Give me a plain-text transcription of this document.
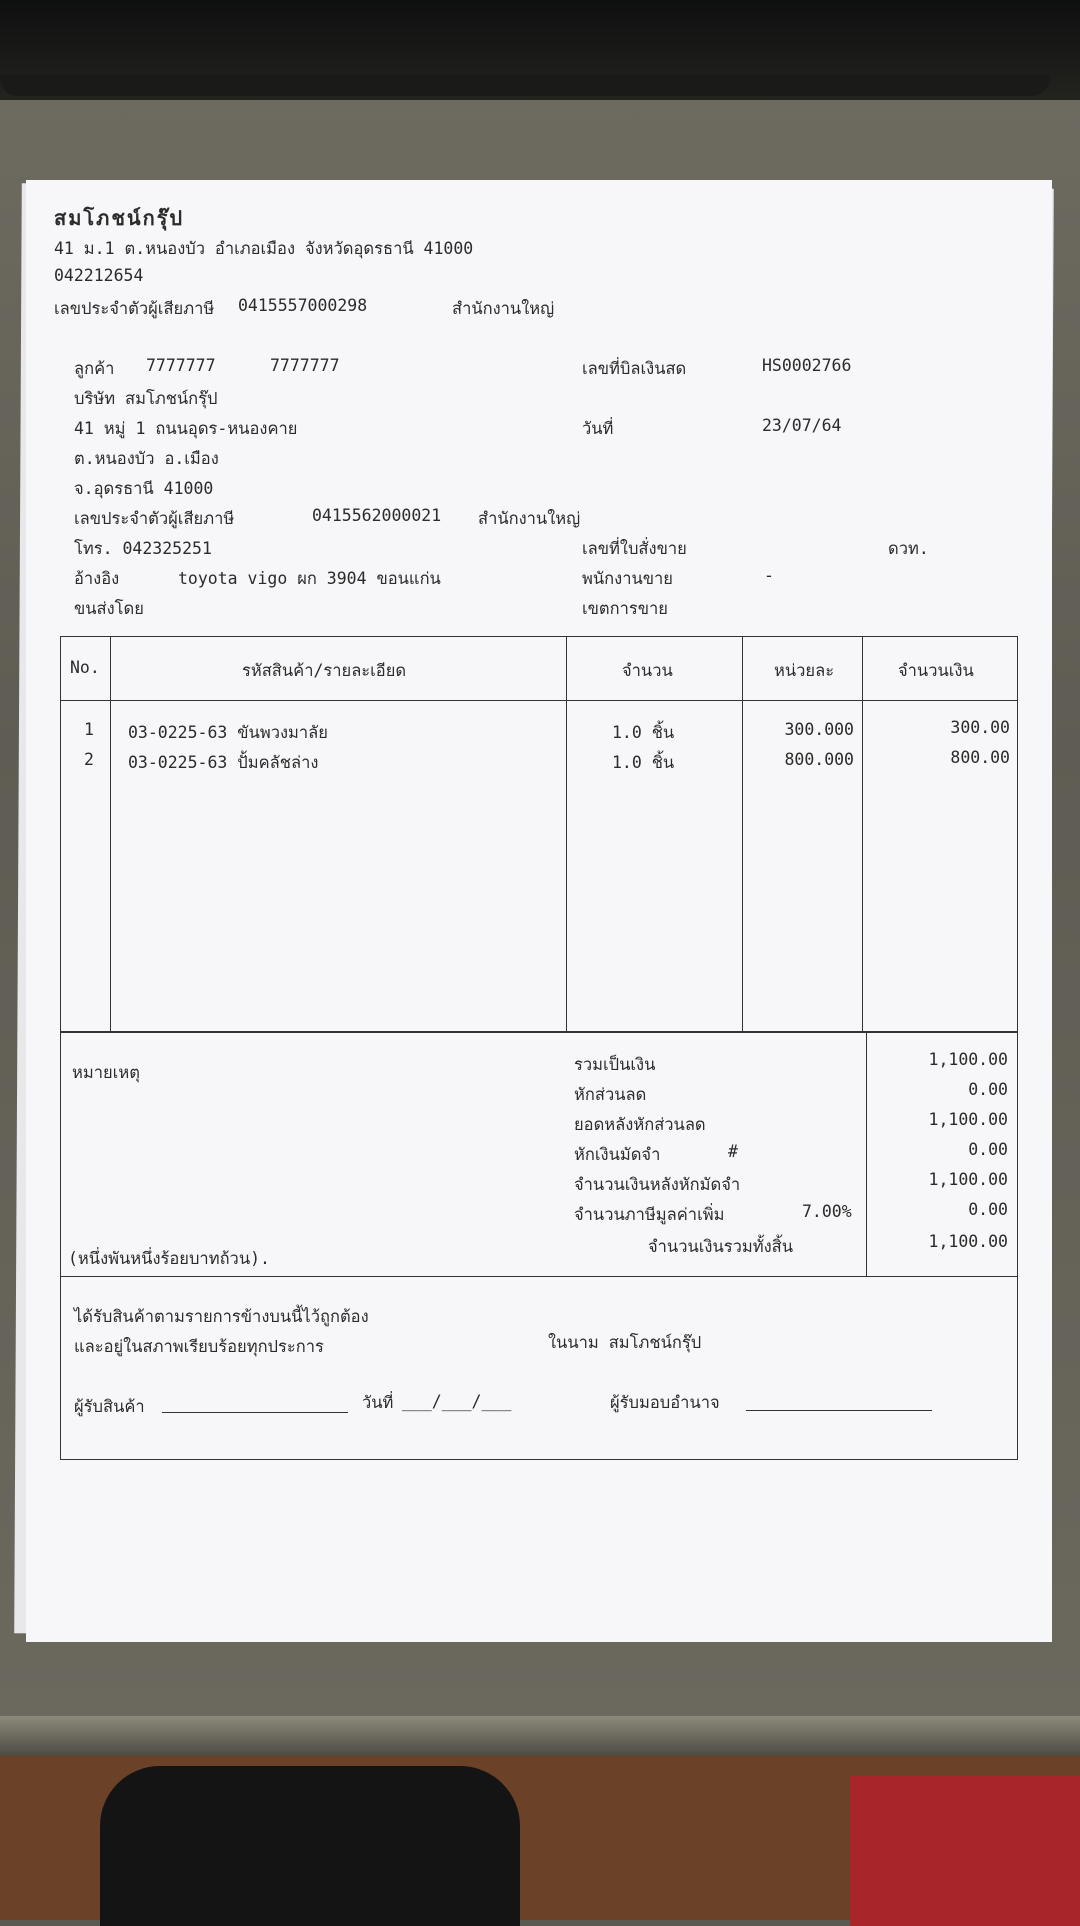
สมโภชน์กรุ๊ป
41 ม.1 ต.หนองบัว อำเภอเมือง จังหวัดอุดรธานี 41000
042212654
เลขประจำตัวผู้เสียภาษี 0415557000298	สำนักงานใหญ่
ลูกค้า 7777777	7777777
บริษัท สมโภชน์กรุ๊ป
41 หมู่ 1 ถนนอุดร-หนองคาย
ต.หนองบัว อ.เมือง
จ.อุดรธานี 41000
เลขประจำตัวผู้เสียภาษี	0415562000021 สำนักงานใหญ่
โทร. 042325251
อ้างอิง	toyota vigo ผก 3904 ขอนแก่น
ขนส่งโดย
เลขที่บิลเงินสด	HS0002766
วันที่	23/07/64
เลขที่ใบสั่งขาย	ดวท.
พนักงานขาย	-
เขตการขาย
No.	รหัสสินค้า/รายละเอียด	จำนวน	หน่วยละ	จำนวนเงิน
1 03-0225-63 ขันพวงมาลัย	1.0 ชิ้น	300.000	300.00
2 03-0225-63 ปั้มคลัชล่าง	1.0 ชิ้น	800.000	800.00
หมายเหตุ
(หนึ่งพันหนึ่งร้อยบาทถ้วน).
รวมเป็นเงิน	1,100.00
หักส่วนลด	0.00
ยอดหลังหักส่วนลด	1,100.00
หักเงินมัดจำ	#	0.00
จำนวนเงินหลังหักมัดจำ	1,100.00
จำนวนภาษีมูลค่าเพิ่ม	7.00%	0.00
จำนวนเงินรวมทั้งสิ้น	1,100.00
ได้รับสินค้าตามรายการข้างบนนี้ไว้ถูกต้อง
และอยู่ในสภาพเรียบร้อยทุกประการ	ในนาม สมโภชน์กรุ๊ป
ผู้รับสินค้า	วันที่ ___/___/___	ผู้รับมอบอำนาจ
